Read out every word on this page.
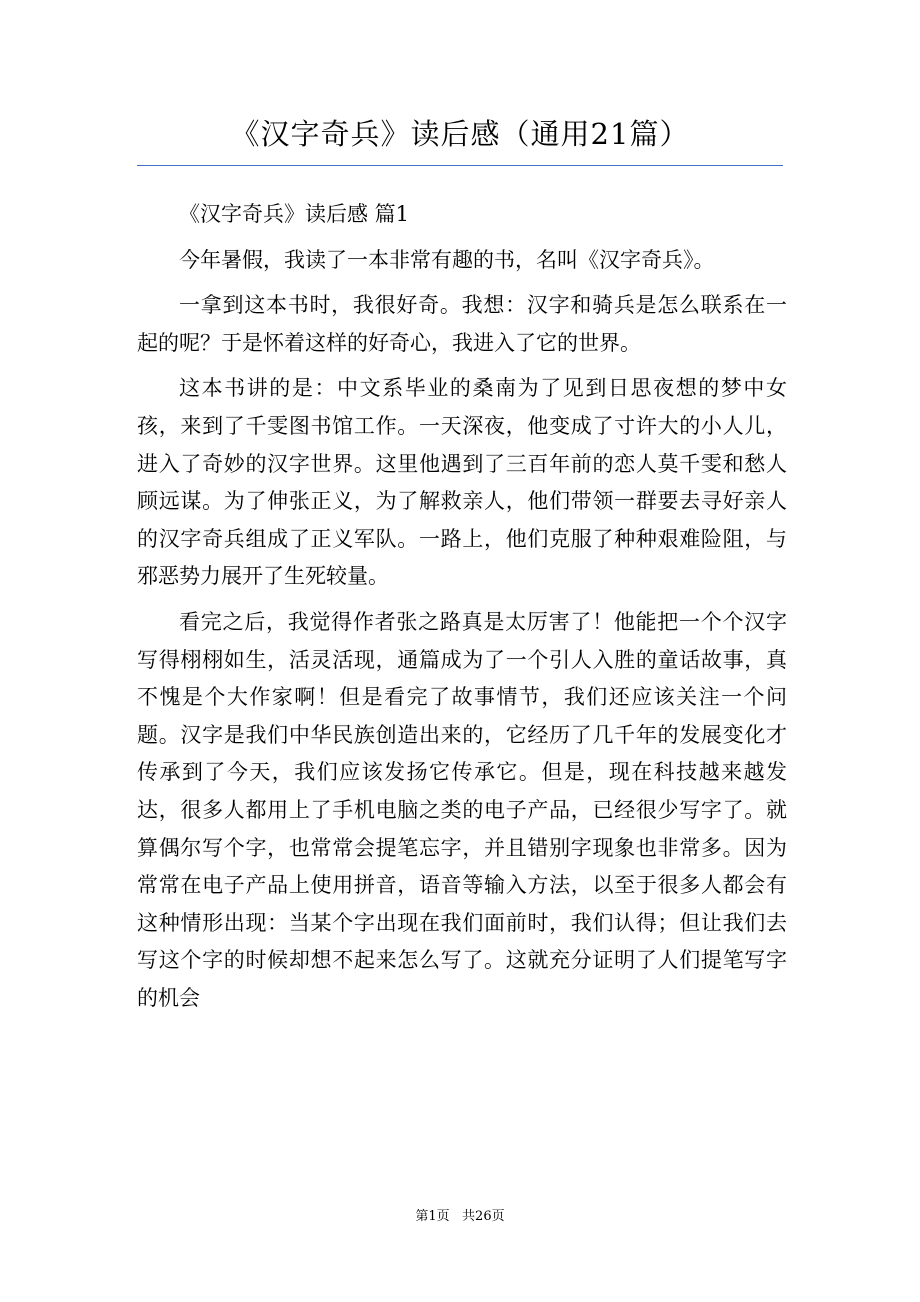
《汉字奇兵》读后感（通用21篇）

《汉字奇兵》读后感 篇1

今年暑假，我读了一本非常有趣的书，名叫《汉字奇兵》。

一拿到这本书时，我很好奇。我想：汉字和骑兵是怎么联系在一起的呢？于是怀着这样的好奇心，我进入了它的世界。

这本书讲的是：中文系毕业的桑南为了见到日思夜想的梦中女孩，来到了千雯图书馆工作。一天深夜，他变成了寸许大的小人儿，进入了奇妙的汉字世界。这里他遇到了三百年前的恋人莫千雯和愁人顾远谋。为了伸张正义，为了解救亲人，他们带领一群要去寻好亲人的汉字奇兵组成了正义军队。一路上，他们克服了种种艰难险阻，与邪恶势力展开了生死较量。

看完之后，我觉得作者张之路真是太厉害了！他能把一个个汉字写得栩栩如生，活灵活现，通篇成为了一个引人入胜的童话故事，真不愧是个大作家啊！但是看完了故事情节，我们还应该关注一个问题。汉字是我们中华民族创造出来的，它经历了几千年的发展变化才传承到了今天，我们应该发扬它传承它。但是，现在科技越来越发达，很多人都用上了手机电脑之类的电子产品，已经很少写字了。就算偶尔写个字，也常常会提笔忘字，并且错别字现象也非常多。因为常常在电子产品上使用拼音，语音等输入方法，以至于很多人都会有这种情形出现：当某个字出现在我们面前时，我们认得；但让我们去写这个字的时候却想不起来怎么写了。这就充分证明了人们提笔写字的机会

第1页   共26页
